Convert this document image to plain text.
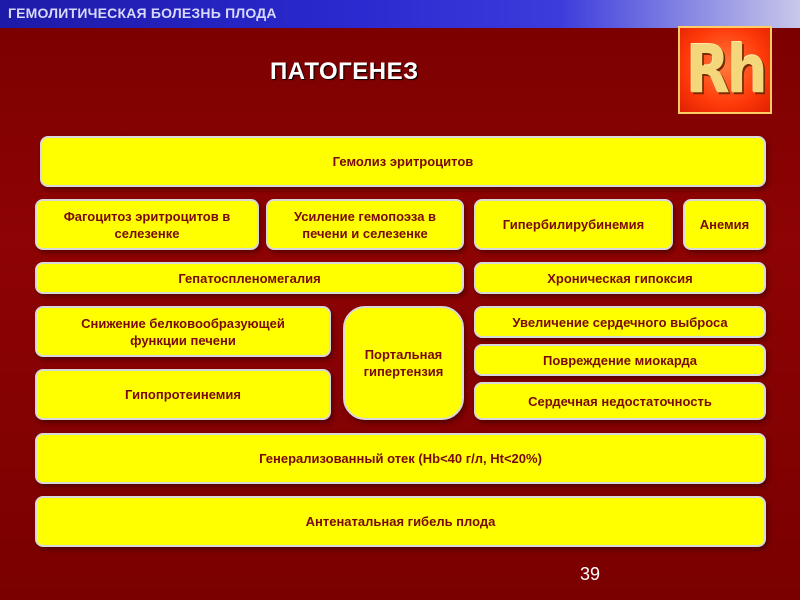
ГЕМОЛИТИЧЕСКАЯ БОЛЕЗНЬ ПЛОДА
ПАТОГЕНЕЗ	Rh
Гемолиз эритроцитов
Фагоцитоз эритроцитов в селезенке
Усиление гемопоэза в печени и селезенке
Гипербилирубинемия	Анемия
Гепатоспленомегалия	Хроническая гипоксия
Снижение белковообразующей функции печени
Портальная гипертензия
Увеличение сердечного выброса
Повреждение миокарда
Гипопротеинемия	Сердечная недостаточность
Генерализованный отек (Hb<40 г/л, Ht<20%)
Антенатальная гибель плода
39
